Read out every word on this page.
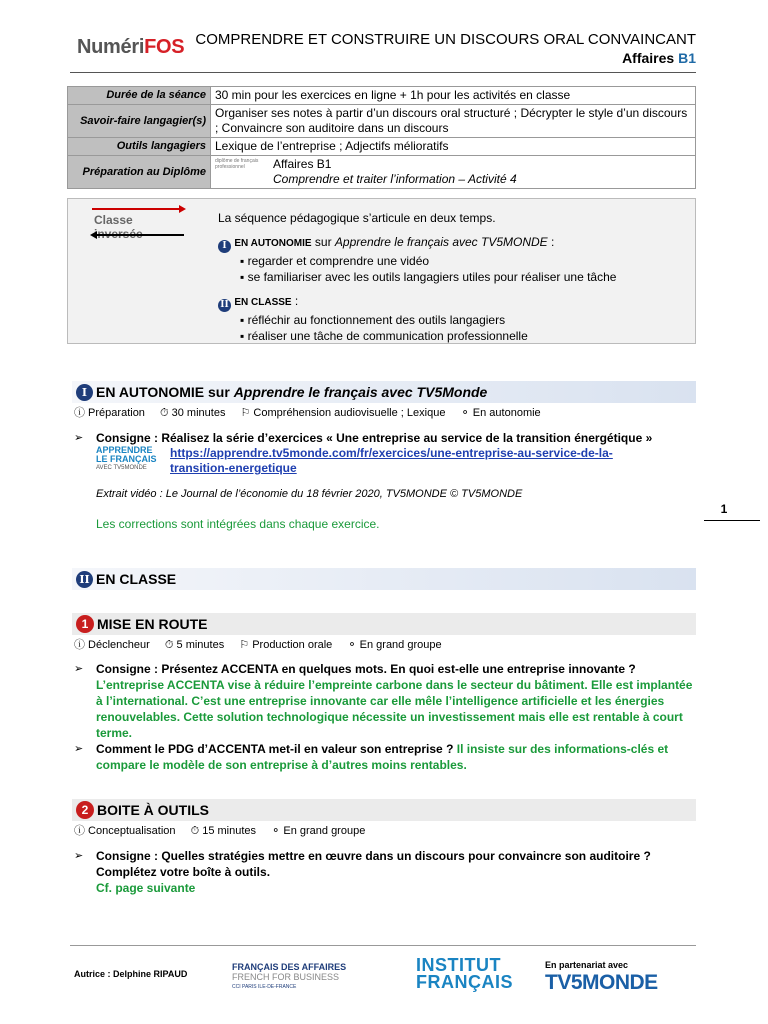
NumériFOS COMPRENDRE ET CONSTRUIRE UN DISCOURS ORAL CONVAINCANT
Affaires B1
Durée de la séance	30 min pour les exercices en ligne + 1h pour les activités en classe
Savoir-faire langagier(s)	Organiser ses notes à partir d’un discours oral structuré ; Décrypter le style d’un discours ; Convaincre son auditoire dans un discours
Outils langagiers	Lexique de l’entreprise ; Adjectifs mélioratifs
Préparation au Diplôme	diplôme de français professionnel Affaires B1
Comprendre et traiter l’information – Activité 4
Classe inversée
La séquence pédagogique s’articule en deux temps.
I EN AUTONOMIE sur Apprendre le français avec TV5MONDE :
▪ regarder et comprendre une vidéo
▪ se familiariser avec les outils langagiers utiles pour réaliser une tâche
II EN CLASSE :
▪ réfléchir au fonctionnement des outils langagiers
▪ réaliser une tâche de communication professionnelle
I EN AUTONOMIE sur Apprendre le français avec TV5Monde
ⓘ Préparation ⏱ 30 minutes ⚐ Compréhension audiovisuelle ; Lexique ⚬ En autonomie
➢	Consigne : Réalisez la série d’exercices « Une entreprise au service de la transition énergétique »
APPRENDRE
LE FRANÇAIS
AVEC TV5MONDE
https://apprendre.tv5monde.com/fr/exercices/une-entreprise-au-service-de-la-
transition-energetique
Extrait vidéo : Le Journal de l’économie du 18 février 2020, TV5MONDE © TV5MONDE
Les corrections sont intégrées dans chaque exercice.
1
II EN CLASSE
1 MISE EN ROUTE
ⓘ Déclencheur ⏱ 5 minutes ⚐ Production orale ⚬ En grand groupe
➢	Consigne : Présentez ACCENTA en quelques mots. En quoi est-elle une entreprise innovante ?
L’entreprise ACCENTA vise à réduire l’empreinte carbone dans le secteur du bâtiment. Elle est implantée à l’international. C’est une entreprise innovante car elle mêle l’intelligence artificielle et les énergies renouvelables. Cette solution technologique nécessite un investissement mais elle est rentable à court terme.
➢	Comment le PDG d’ACCENTA met-il en valeur son entreprise ? Il insiste sur des informations-clés et compare le modèle de son entreprise à d’autres moins rentables.
2 BOITE À OUTILS
ⓘ Conceptualisation ⏱ 15 minutes ⚬ En grand groupe
➢	Consigne : Quelles stratégies mettre en œuvre dans un discours pour convaincre son auditoire ? Complétez votre boîte à outils.
Cf. page suivante
Autrice : Delphine RIPAUD
FRANÇAIS DES AFFAIRES
FRENCH FOR BUSINESS
CCI PARIS ILE-DE-FRANCE
INSTITUT
FRANÇAIS
En partenariat avec
TV5MONDE
